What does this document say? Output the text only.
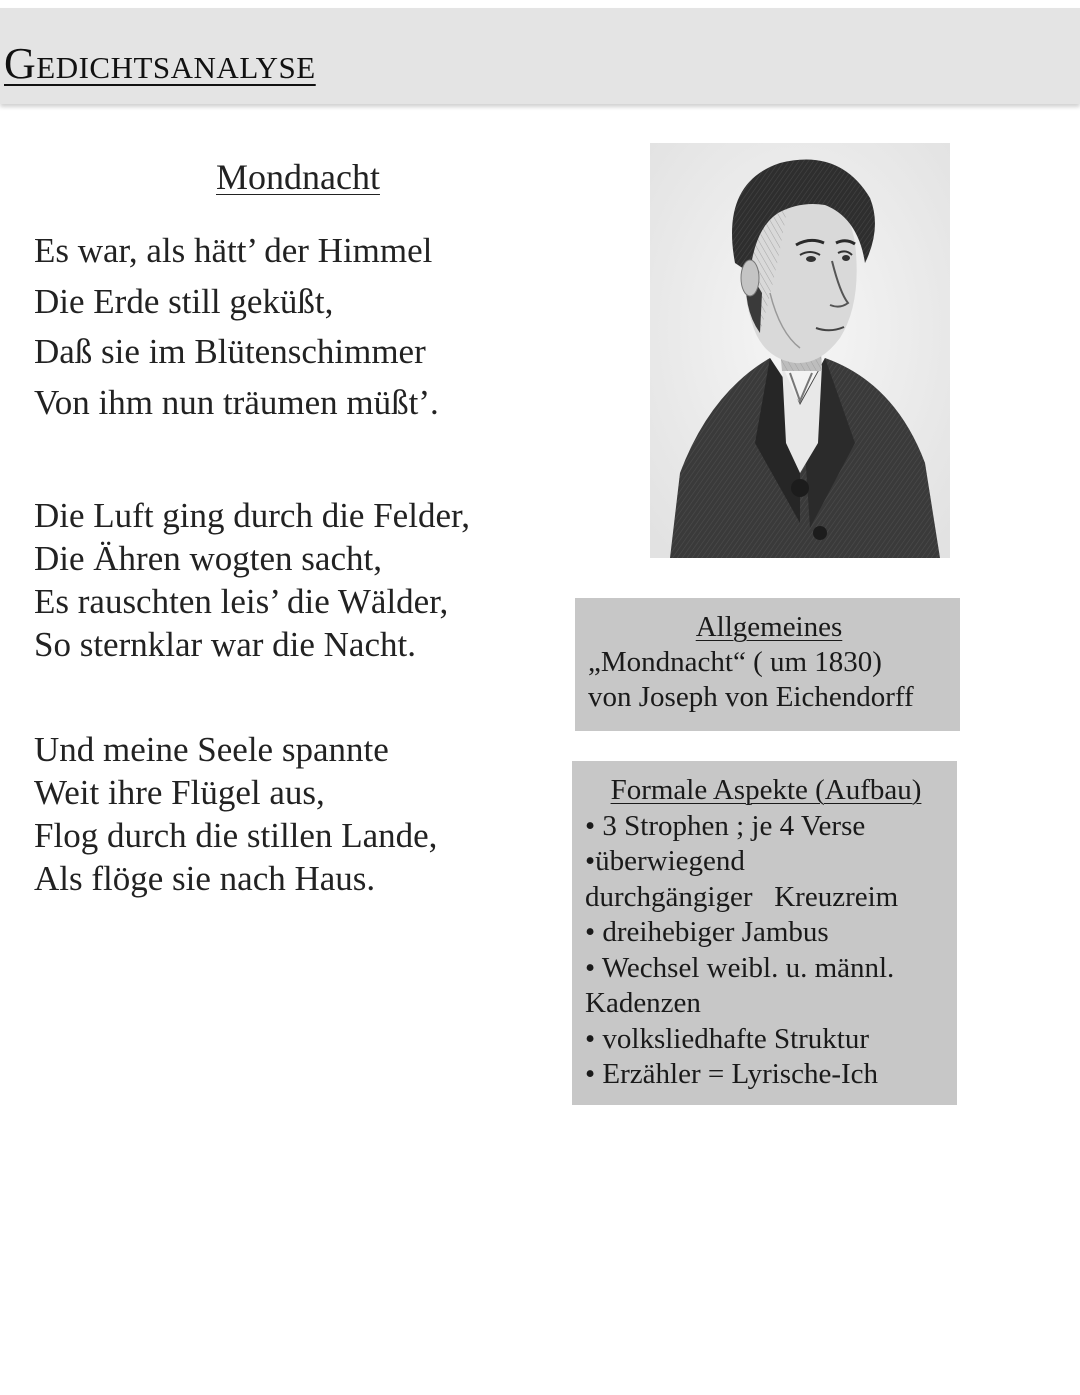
Gedichtsanalyse
Mondnacht
Es war, als hätt’ der Himmel
Die Erde still geküßt,
Daß sie im Blütenschimmer
Von ihm nun träumen müßt’.
Die Luft ging durch die Felder,
Die Ähren wogten sacht,
Es rauschten leis’ die Wälder,
So sternklar war die Nacht.
Und meine Seele spannte
Weit ihre Flügel aus,
Flog durch die stillen Lande,
Als flöge sie nach Haus.
Allgemeines
„Mondnacht“ ( um 1830)
von Joseph von Eichendorff
Formale Aspekte (Aufbau)
• 3 Strophen ; je 4 Verse
•überwiegend
durchgängiger   Kreuzreim
• dreihebiger Jambus
• Wechsel weibl. u. männl.
Kadenzen
• volksliedhafte Struktur
• Erzähler = Lyrische-Ich
